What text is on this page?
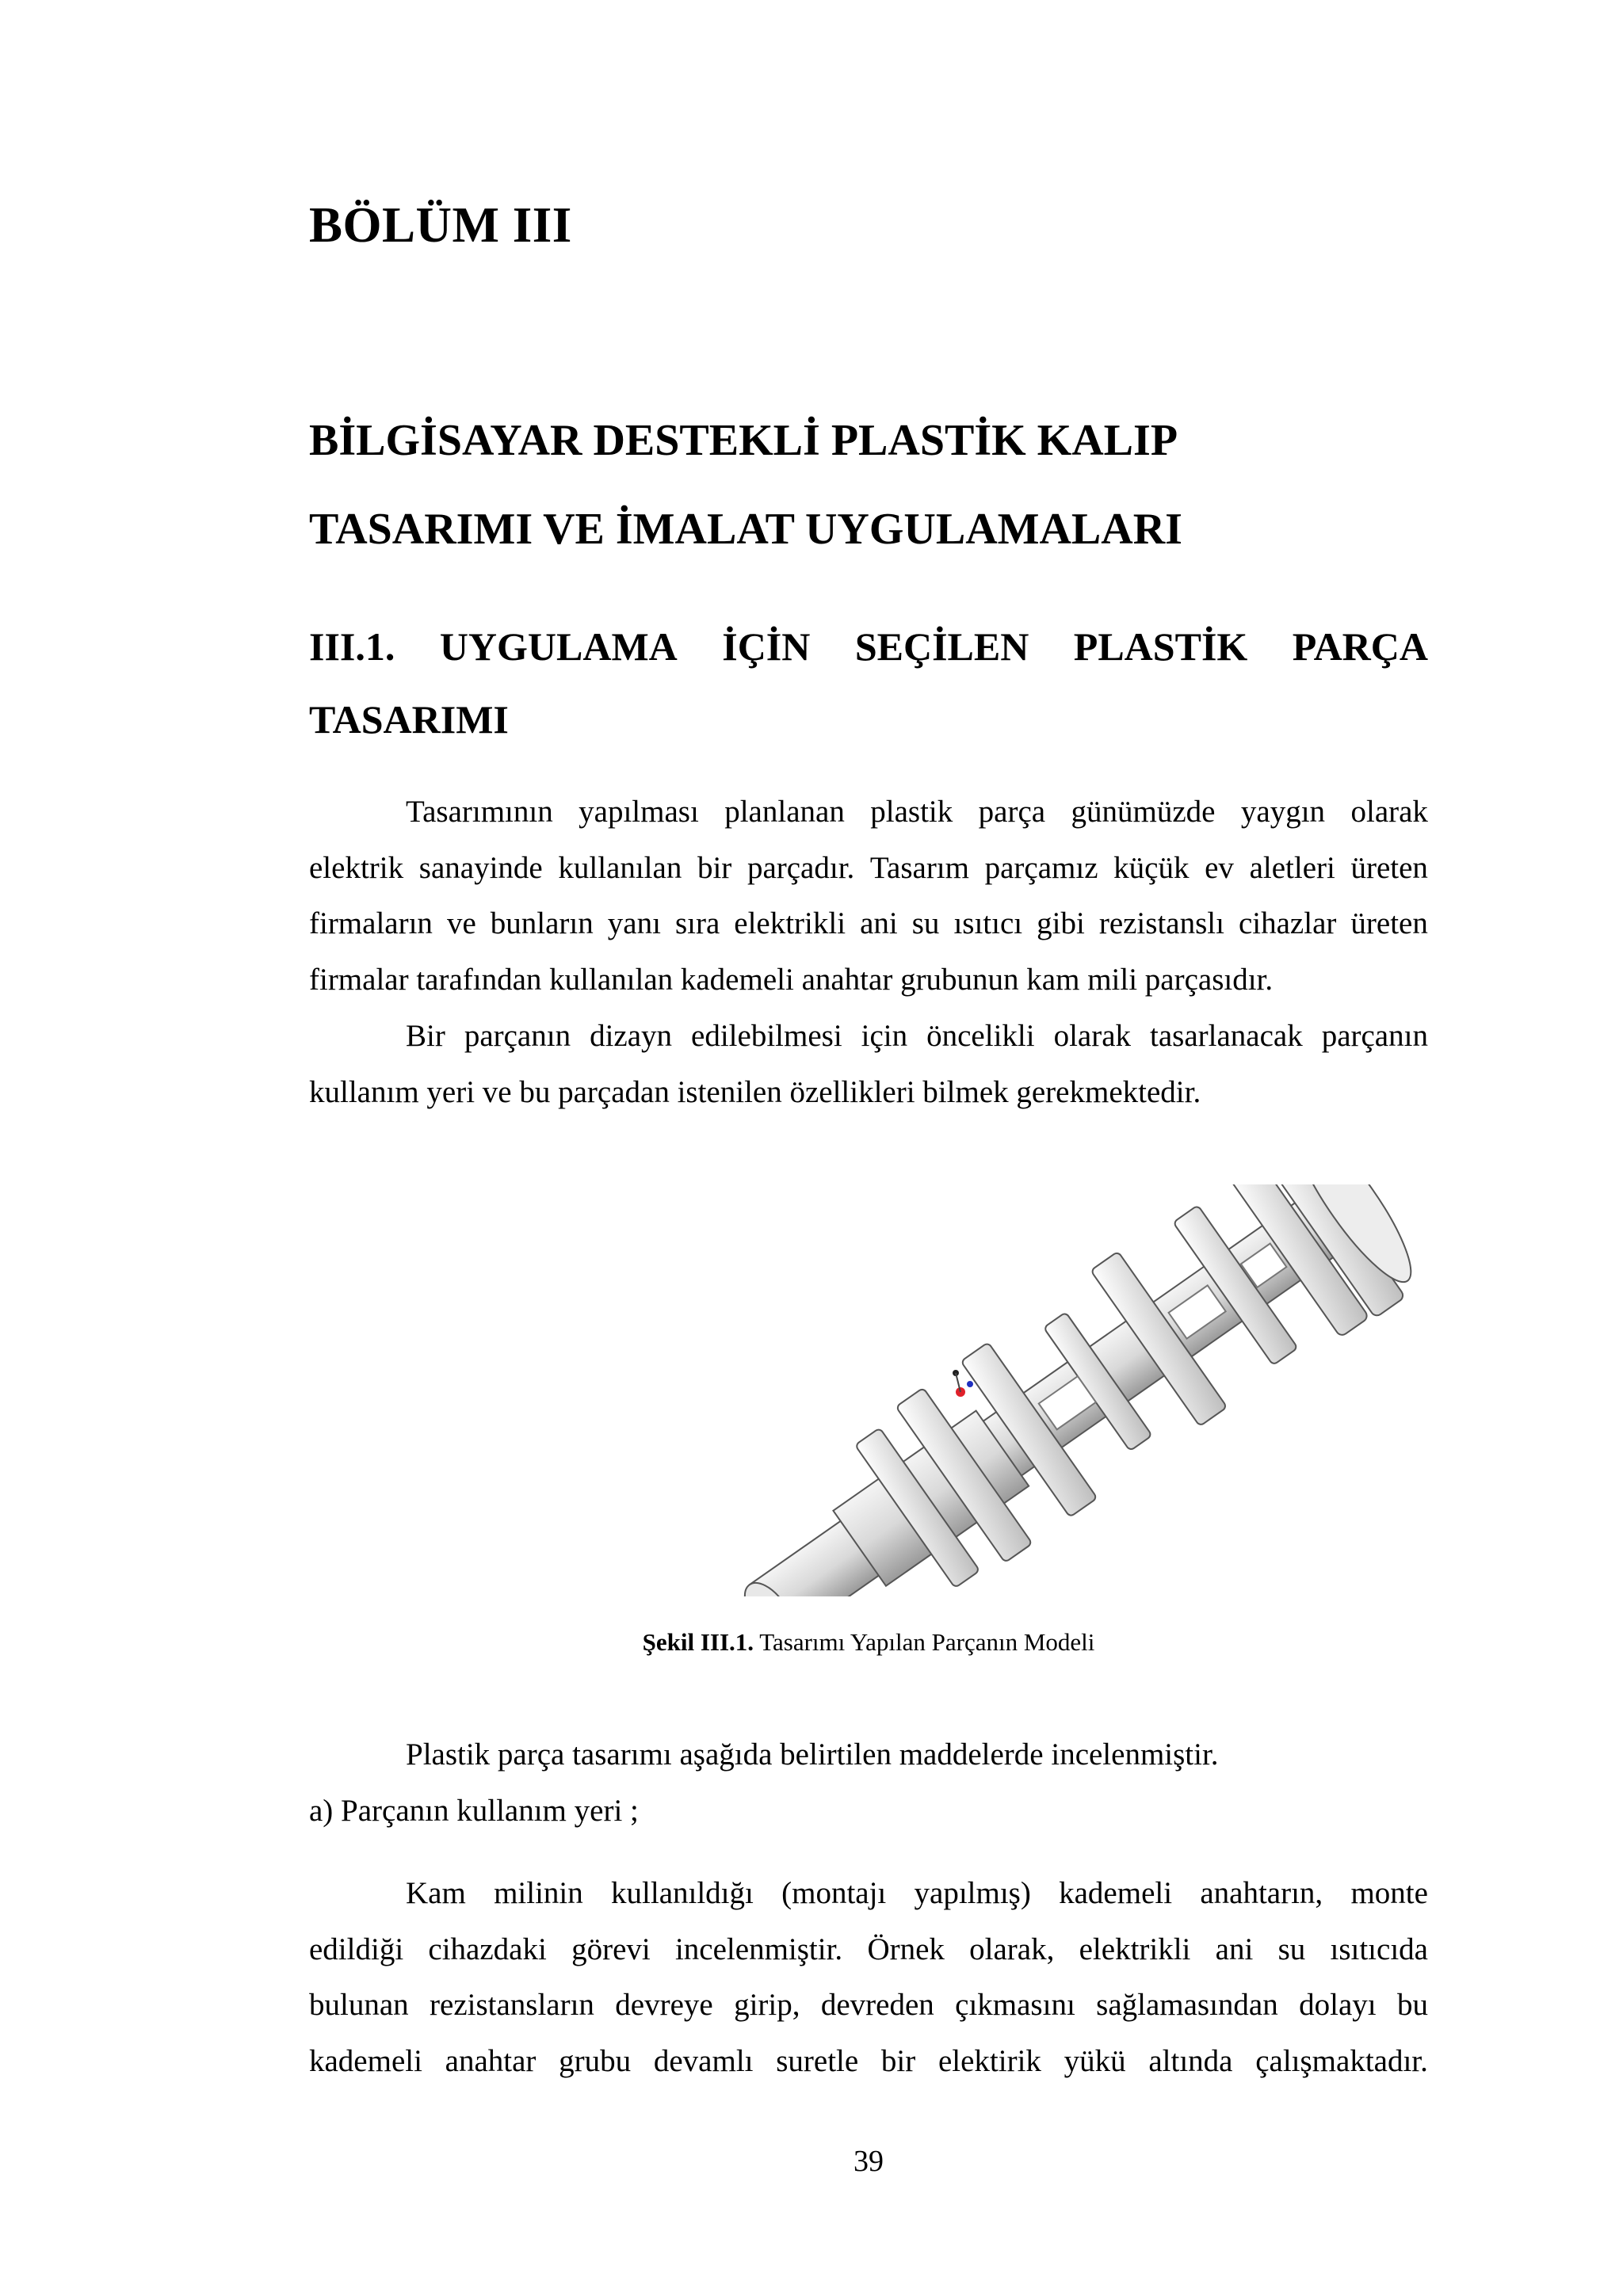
BÖLÜM III
BİLGİSAYAR DESTEKLİ PLASTİK KALIP
TASARIMI VE İMALAT UYGULAMALARI
III.1. UYGULAMA İÇİN SEÇİLEN PLASTİK PARÇA
TASARIMI
Tasarımının yapılması planlanan plastik parça günümüzde yaygın olarak
elektrik sanayinde kullanılan bir parçadır. Tasarım parçamız küçük ev aletleri üreten
firmaların ve bunların yanı sıra elektrikli ani su ısıtıcı gibi rezistanslı cihazlar üreten
firmalar tarafından kullanılan kademeli anahtar grubunun kam mili parçasıdır.
Bir parçanın dizayn edilebilmesi için öncelikli olarak tasarlanacak parçanın
kullanım yeri ve bu parçadan istenilen özellikleri bilmek gerekmektedir.
Şekil III.1. Tasarımı Yapılan Parçanın Modeli
Plastik parça tasarımı aşağıda belirtilen maddelerde incelenmiştir.
a) Parçanın kullanım yeri ;
Kam milinin kullanıldığı (montajı yapılmış) kademeli anahtarın, monte
edildiği cihazdaki görevi incelenmiştir. Örnek olarak, elektrikli ani su ısıtıcıda
bulunan rezistansların devreye girip, devreden çıkmasını sağlamasından dolayı bu
kademeli anahtar grubu devamlı suretle bir elektirik yükü altında çalışmaktadır.
39
